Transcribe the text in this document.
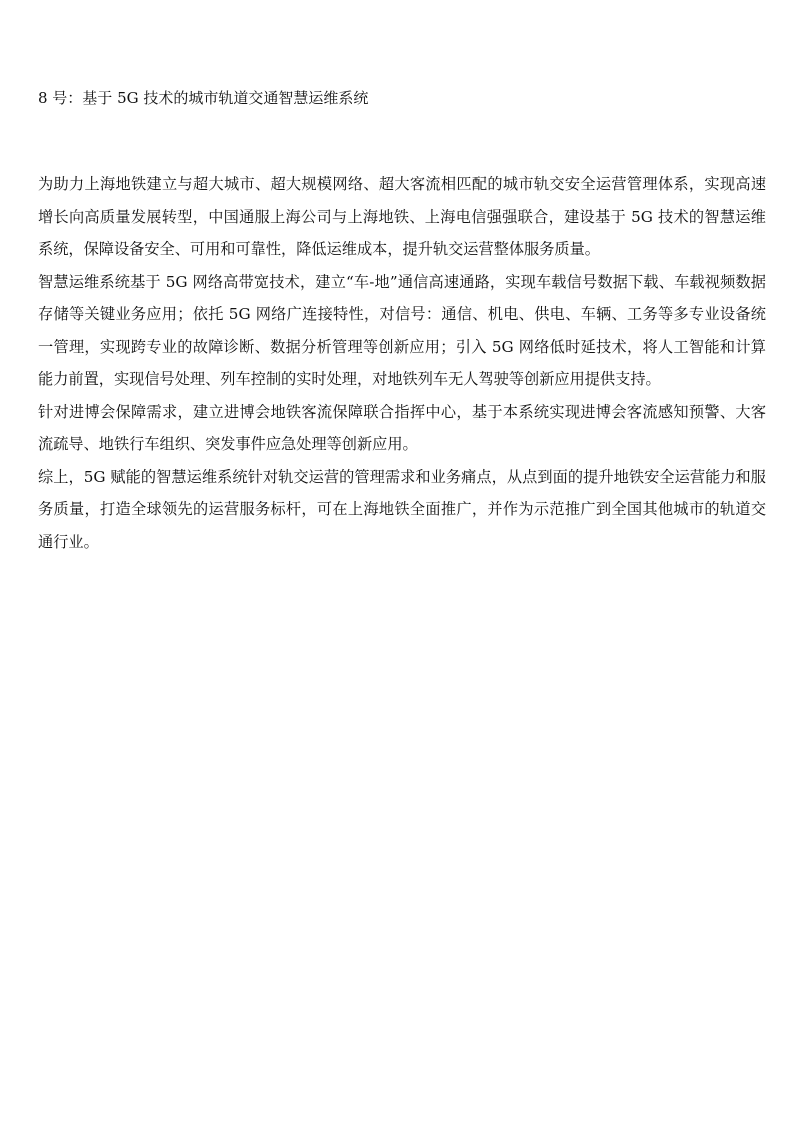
8 号：基于 5G 技术的城市轨道交通智慧运维系统

为助力上海地铁建立与超大城市、超大规模网络、超大客流相匹配的城市轨交安全运营管理体系，实现高速增长向高质量发展转型，中国通服上海公司与上海地铁、上海电信强强联合，建设基于 5G 技术的智慧运维系统，保障设备安全、可用和可靠性，降低运维成本，提升轨交运营整体服务质量。

智慧运维系统基于 5G 网络高带宽技术，建立“车-地”通信高速通路，实现车载信号数据下载、车载视频数据存储等关键业务应用；依托 5G 网络广连接特性，对信号：通信、机电、供电、车辆、工务等多专业设备统一管理，实现跨专业的故障诊断、数据分析管理等创新应用；引入 5G 网络低时延技术，将人工智能和计算能力前置，实现信号处理、列车控制的实时处理，对地铁列车无人驾驶等创新应用提供支持。

针对进博会保障需求，建立进博会地铁客流保障联合指挥中心，基于本系统实现进博会客流感知预警、大客流疏导、地铁行车组织、突发事件应急处理等创新应用。

综上，5G 赋能的智慧运维系统针对轨交运营的管理需求和业务痛点，从点到面的提升地铁安全运营能力和服务质量，打造全球领先的运营服务标杆，可在上海地铁全面推广，并作为示范推广到全国其他城市的轨道交通行业。
